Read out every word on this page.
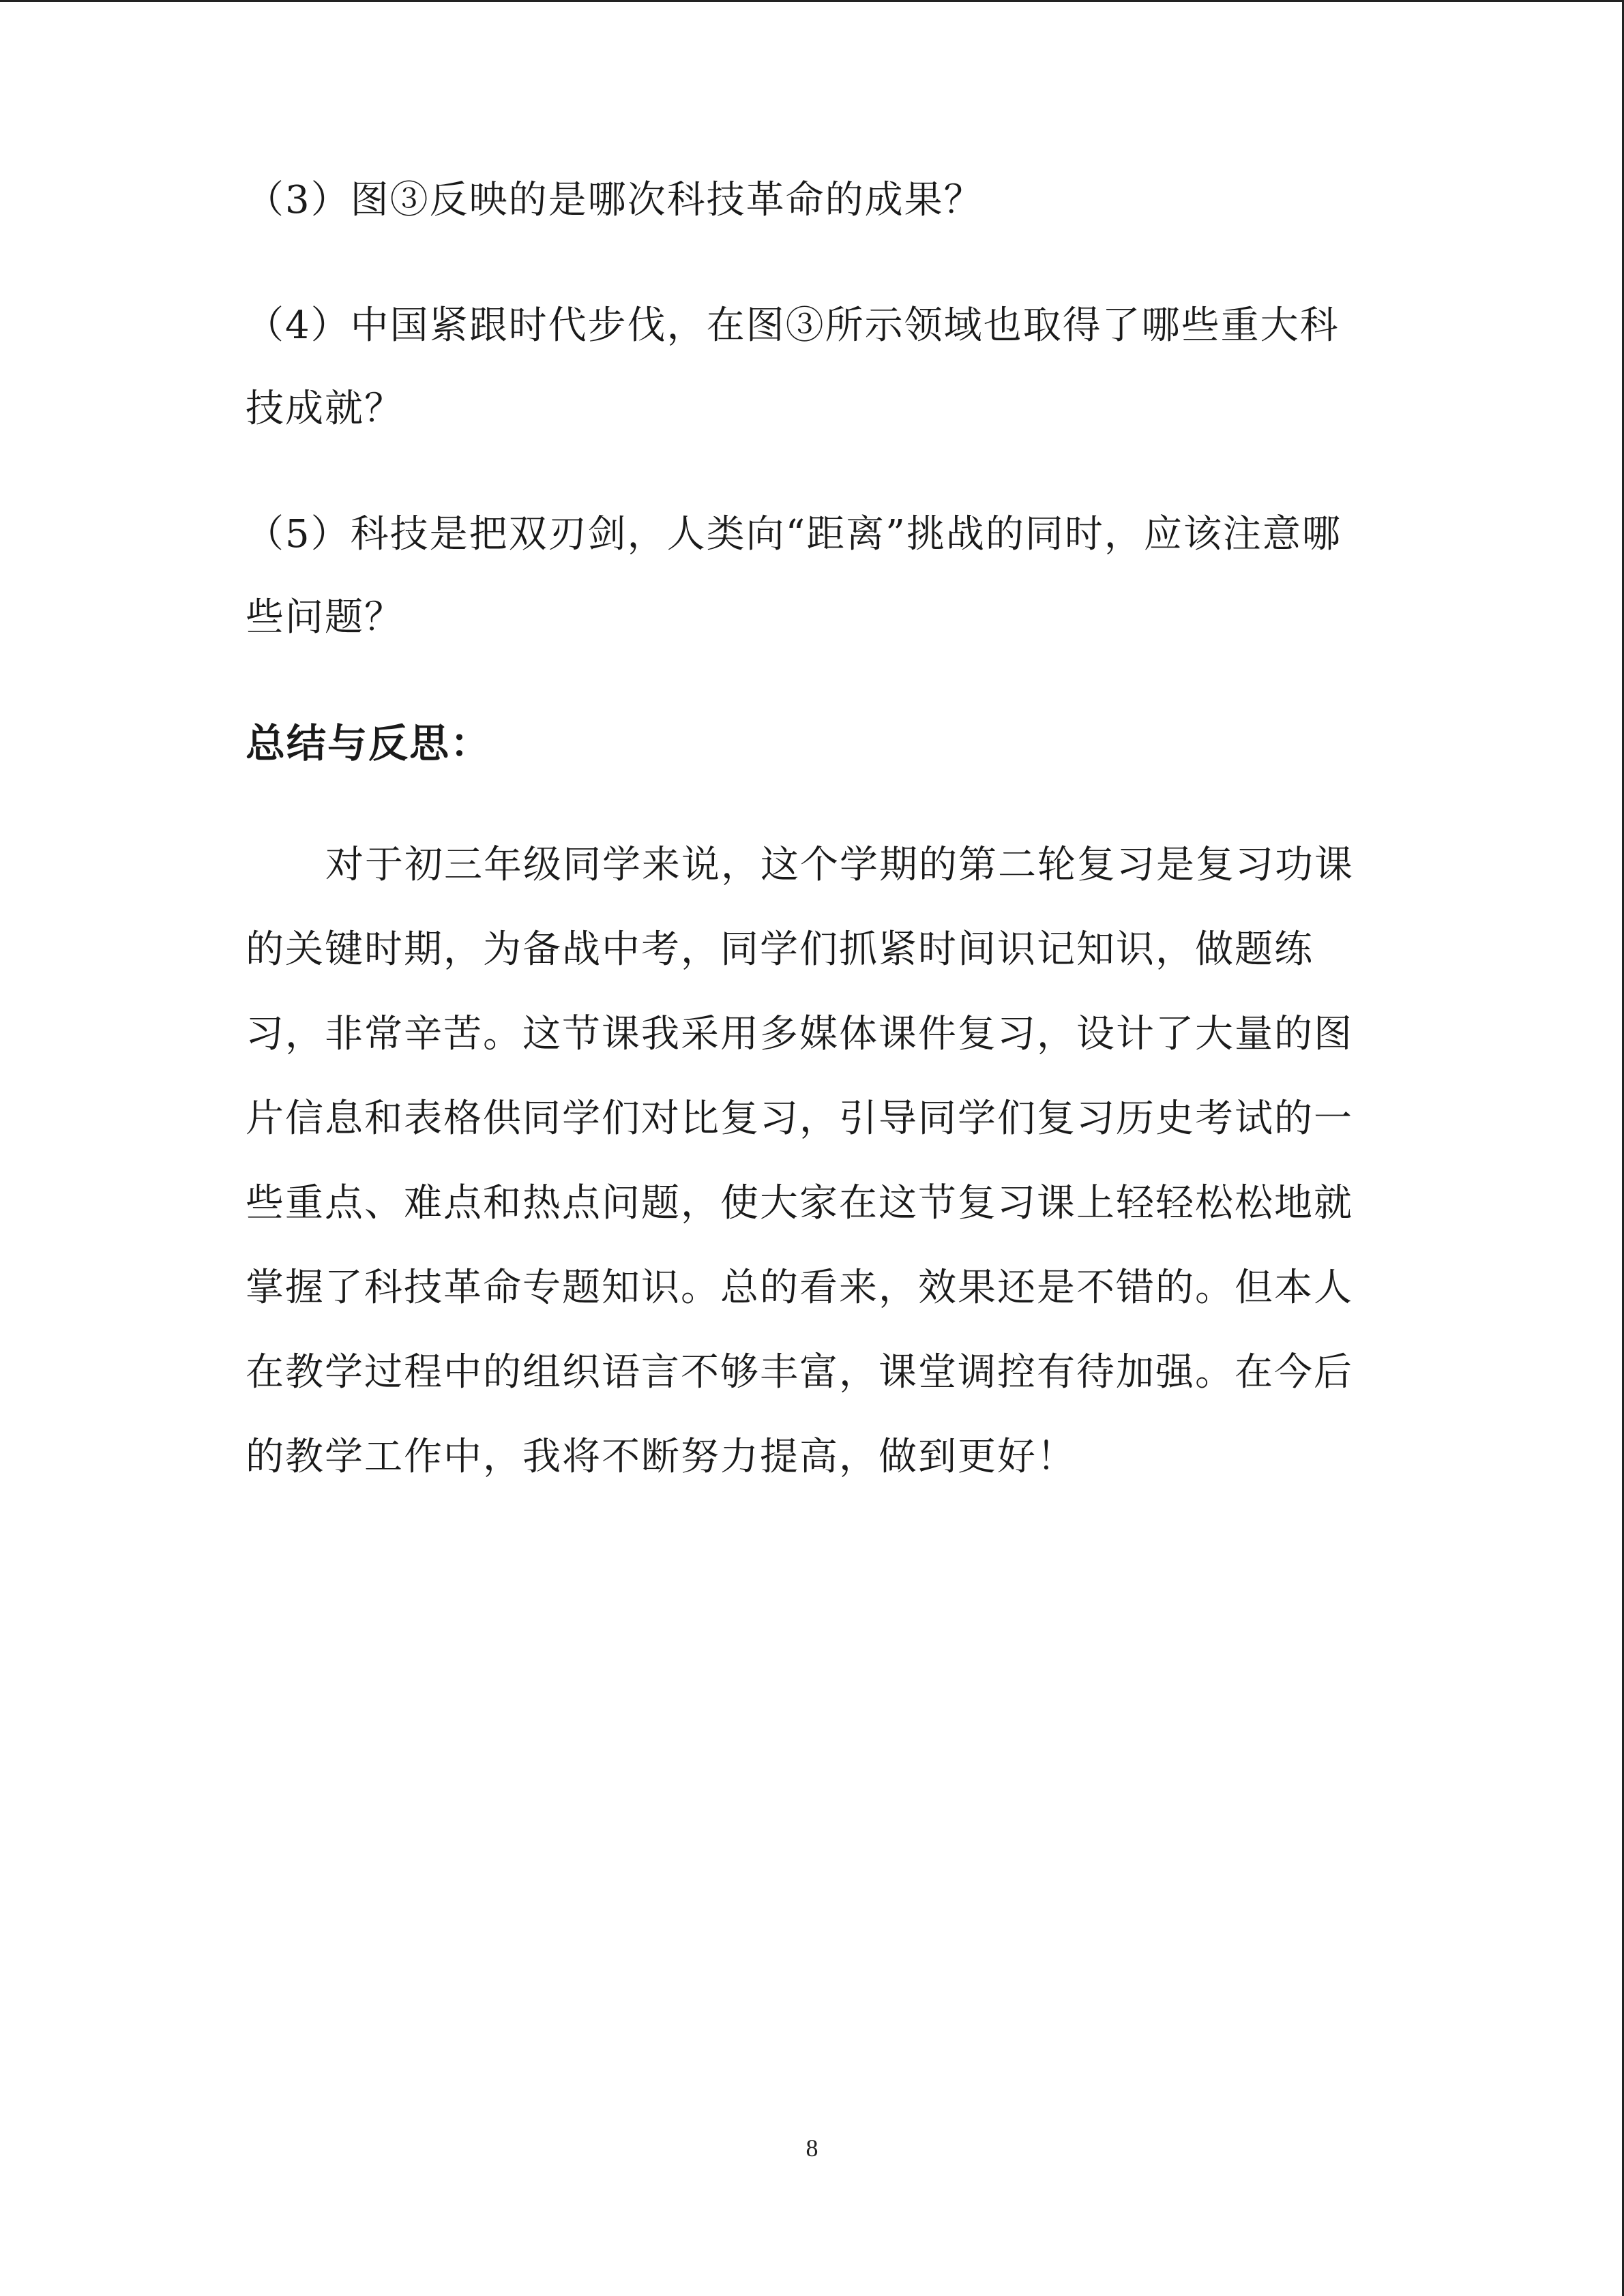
（3）图③反映的是哪次科技革命的成果？

（4）中国紧跟时代步伐，在图③所示领域也取得了哪些重大科技成就？

（5）科技是把双刃剑，人类向“距离”挑战的同时，应该注意哪些问题？

总结与反思：

对于初三年级同学来说，这个学期的第二轮复习是复习功课的关键时期，为备战中考，同学们抓紧时间识记知识，做题练习，非常辛苦。这节课我采用多媒体课件复习，设计了大量的图片信息和表格供同学们对比复习，引导同学们复习历史考试的一些重点、难点和热点问题，使大家在这节复习课上轻轻松松地就掌握了科技革命专题知识。总的看来，效果还是不错的。但本人在教学过程中的组织语言不够丰富，课堂调控有待加强。在今后的教学工作中，我将不断努力提高，做到更好！

8
